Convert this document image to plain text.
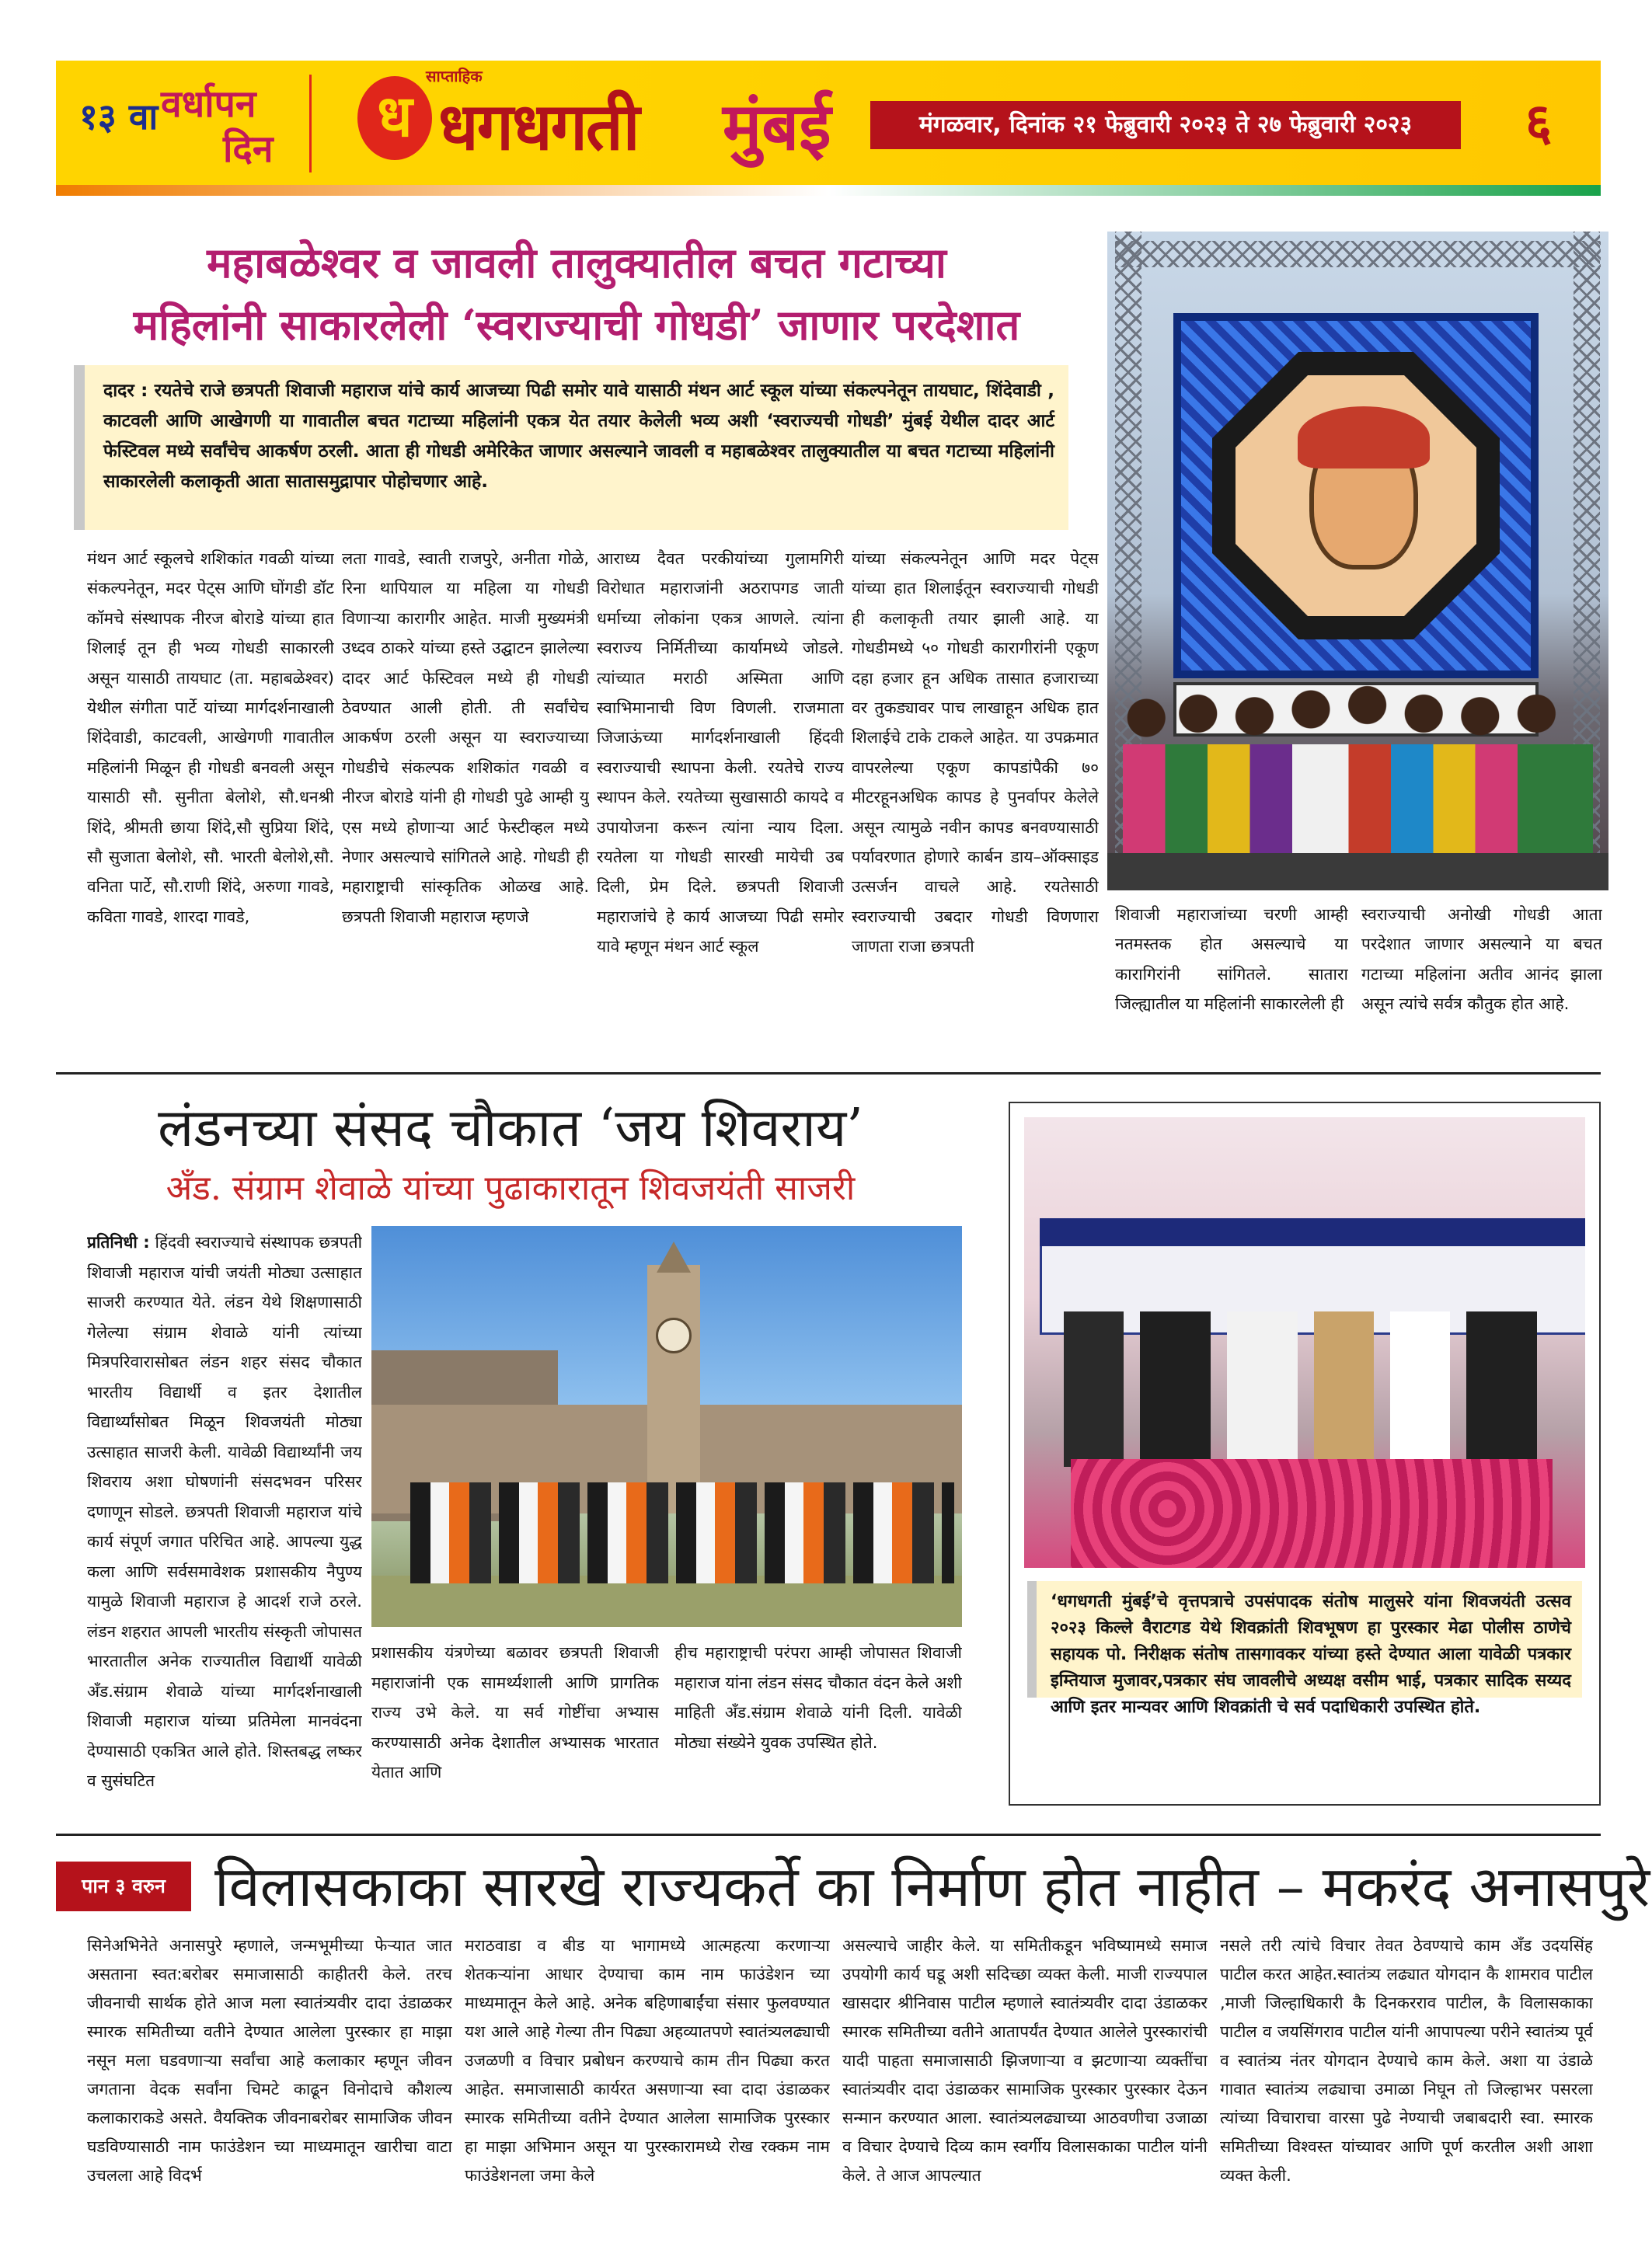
१३ वा वर्धापन
दिन
साप्ताहिक
ध धगधगती मुंबई	मंगळवार, दिनांक २१ फेब्रुवारी २०२३ ते २७ फेब्रुवारी २०२३	६
महाबळेश्वर व जावली तालुक्यातील बचत गटाच्या
महिलांनी साकारलेली ‘स्वराज्याची गोधडी’ जाणार परदेशात
दादर : रयतेचे राजे छत्रपती शिवाजी महाराज यांचे कार्य आजच्या पिढी समोर यावे यासाठी मंथन आर्ट स्कूल यांच्या संकल्पनेतून तायघाट, शिंदेवाडी , काटवली आणि आखेगणी या गावातील बचत गटाच्या महिलांनी एकत्र येत तयार केलेली भव्य अशी ‘स्वराज्यची गोधडी’ मुंबई येथील दादर आर्ट फेस्टिवल मध्ये सर्वांचेच आकर्षण ठरली. आता ही गोधडी अमेरिकेत जाणार असल्याने जावली व महाबळेश्वर तालुक्यातील या बचत गटाच्या महिलांनी साकारलेली कलाकृती आता सातासमुद्रापार पोहोचणार आहे.
मंथन आर्ट स्कूलचे शशिकांत गवळी यांच्या संकल्पनेतून, मदर पेट्स आणि घोंगडी डॉट कॉमचे संस्थापक नीरज बोराडे यांच्या हात शिलाई तून ही भव्य गोधडी साकारली असून यासाठी तायघाट (ता. महाबळेश्वर) येथील संगीता पार्टे यांच्या मार्गदर्शनाखाली शिंदेवाडी, काटवली, आखेगणी गावातील महिलांनी मिळून ही गोधडी बनवली असून यासाठी सौ. सुनीता बेलोशे, सौ.धनश्री शिंदे, श्रीमती छाया शिंदे,सौ सुप्रिया शिंदे, सौ सुजाता बेलोशे, सौ. भारती बेलोशे,सौ. वनिता पार्टे, सौ.राणी शिंदे, अरुणा गावडे, कविता गावडे, शारदा गावडे,
लता गावडे, स्वाती राजपुरे, अनीता गोळे, रिना थापियाल या महिला या गोधडी विणाऱ्या कारागीर आहेत. माजी मुख्यमंत्री उध्दव ठाकरे यांच्या हस्ते उद्घाटन झालेल्या दादर आर्ट फेस्टिवल मध्ये ही गोधडी ठेवण्यात आली होती. ती सर्वांचेच आकर्षण ठरली असून या स्वराज्याच्या गोधडीचे संकल्पक शशिकांत गवळी व नीरज बोराडे यांनी ही गोधडी पुढे आम्ही यु एस मध्ये होणाऱ्या आर्ट फेस्टीव्हल मध्ये नेणार असल्याचे सांगितले आहे. गोधडी ही महाराष्ट्राची सांस्कृतिक ओळख आहे. छत्रपती शिवाजी महाराज म्हणजे
आराध्य दैवत परकीयांच्या गुलामगिरी विरोधात महाराजांनी अठरापगड जाती धर्माच्या लोकांना एकत्र आणले. त्यांना स्वराज्य निर्मितीच्या कार्यामध्ये जोडले. त्यांच्यात मराठी अस्मिता आणि स्वाभिमानाची विण विणली. राजमाता जिजाऊंच्या मार्गदर्शनाखाली हिंदवी स्वराज्याची स्थापना केली. रयतेचे राज्य स्थापन केले. रयतेच्या सुखासाठी कायदे व उपायोजना करून त्यांना न्याय दिला. रयतेला या गोधडी सारखी मायेची उब दिली, प्रेम दिले. छत्रपती शिवाजी महाराजांचे हे कार्य आजच्या पिढी समोर यावे म्हणून मंथन आर्ट स्कूल
यांच्या संकल्पनेतून आणि मदर पेट्स यांच्या हात शिलाईतून स्वराज्याची गोधडी ही कलाकृती तयार झाली आहे. या गोधडीमध्ये ५० गोधडी कारागीरांनी एकूण दहा हजार हून अधिक तासात हजाराच्या वर तुकड्यावर पाच लाखाहून अधिक हात शिलाईचे टाके टाकले आहेत. या उपक्रमात वापरलेल्या एकूण कापडांपैकी ७० मीटरहूनअधिक कापड हे पुनर्वापर केलेले असून त्यामुळे नवीन कापड बनवण्यासाठी पर्यावरणात होणारे कार्बन डाय–ऑक्साइड उत्सर्जन वाचले आहे. रयतेसाठी स्वराज्याची उबदार गोधडी विणणारा जाणता राजा छत्रपती
शिवाजी महाराजांच्या चरणी आम्ही नतमस्तक होत असल्याचे या कारागिरांनी सांगितले. सातारा जिल्ह्यातील या महिलांनी साकारलेली ही
स्वराज्याची अनोखी गोधडी आता परदेशात जाणार असल्याने या बचत गटाच्या महिलांना अतीव आनंद झाला असून त्यांचे सर्वत्र कौतुक होत आहे.
लंडनच्या संसद चौकात ‘जय शिवराय’
अँड. संग्राम शेवाळे यांच्या पुढाकारातून शिवजयंती साजरी
प्रतिनिधी : हिंदवी स्वराज्याचे संस्थापक छत्रपती शिवाजी महाराज यांची जयंती मोठ्या उत्साहात साजरी करण्यात येते. लंडन येथे शिक्षणासाठी गेलेल्या संग्राम शेवाळे यांनी त्यांच्या मित्रपरिवारासोबत लंडन शहर संसद चौकात भारतीय विद्यार्थी व इतर देशातील विद्यार्थ्यांसोबत मिळून शिवजयंती मोठ्या उत्साहात साजरी केली. यावेळी विद्यार्थ्यांनी जय शिवराय अशा घोषणांनी संसदभवन परिसर दणाणून सोडले. छत्रपती शिवाजी महाराज यांचे कार्य संपूर्ण जगात परिचित आहे. आपल्या युद्ध कला आणि सर्वसमावेशक प्रशासकीय नैपुण्य यामुळे शिवाजी महाराज हे आदर्श राजे ठरले. लंडन शहरात आपली भारतीय संस्कृती जोपासत भारतातील अनेक राज्यातील विद्यार्थी यावेळी अँड.संग्राम शेवाळे यांच्या मार्गदर्शनाखाली शिवाजी महाराज यांच्या प्रतिमेला मानवंदना देण्यासाठी एकत्रित आले होते. शिस्तबद्ध लष्कर व सुसंघटित
प्रशासकीय यंत्रणेच्या बळावर छत्रपती शिवाजी महाराजांनी एक सामर्थ्यशाली आणि प्रागतिक राज्य उभे केले. या सर्व गोष्टींचा अभ्यास करण्यासाठी अनेक देशातील अभ्यासक भारतात येतात आणि
हीच महाराष्ट्राची परंपरा आम्ही जोपासत शिवाजी महाराज यांना लंडन संसद चौकात वंदन केले अशी माहिती अँड.संग्राम शेवाळे यांनी दिली. यावेळी मोठ्या संख्येने युवक उपस्थित होते.
‘धगधगती मुंबई’चे वृत्तपत्राचे उपसंपादक संतोष मालुसरे यांना शिवजयंती उत्सव २०२३ किल्ले वैराटगड येथे शिवक्रांती शिवभूषण हा पुरस्कार मेढा पोलीस ठाणेचे सहायक पो. निरीक्षक संतोष तासगावकर यांच्या हस्ते देण्यात आला यावेळी पत्रकार इम्तियाज मुजावर,पत्रकार संघ जावलीचे अध्यक्ष वसीम भाई, पत्रकार सादिक सय्यद आणि इतर मान्यवर आणि शिवक्रांती चे सर्व पदाधिकारी उपस्थित होते.
पान ३ वरुन विलासकाका सारखे राज्यकर्ते का निर्माण होत नाहीत – मकरंद अनासपुरे
सिनेअभिनेते अनासपुरे म्हणाले, जन्मभूमीच्या फेऱ्यात जात असताना स्वत:बरोबर समाजासाठी काहीतरी केले. तरच जीवनाची सार्थक होते आज मला स्वातंत्र्यवीर दादा उंडाळकर स्मारक समितीच्या वतीने देण्यात आलेला पुरस्कार हा माझा नसून मला घडवणाऱ्या सर्वांचा आहे कलाकार म्हणून जीवन जगताना वेदक सर्वांना चिमटे काढून विनोदाचे कौशल्य कलाकाराकडे असते. वैयक्तिक जीवनाबरोबर सामाजिक जीवन घडविण्यासाठी नाम फाउंडेशन च्या माध्यमातून खारीचा वाटा उचलला आहे विदर्भ
मराठवाडा व बीड या भागामध्ये आत्महत्या करणाऱ्या शेतकऱ्यांना आधार देण्याचा काम नाम फाउंडेशन च्या माध्यमातून केले आहे. अनेक बहिणाबाईंचा संसार फुलवण्यात यश आले आहे गेल्या तीन पिढ्या अहव्यातपणे स्वातंत्र्यलढ्याची उजळणी व विचार प्रबोधन करण्याचे काम तीन पिढ्या करत आहेत. समाजासाठी कार्यरत असणाऱ्या स्वा दादा उंडाळकर स्मारक समितीच्या वतीने देण्यात आलेला सामाजिक पुरस्कार हा माझा अभिमान असून या पुरस्कारामध्ये रोख रक्कम नाम फाउंडेशनला जमा केले
असल्याचे जाहीर केले. या समितीकडून भविष्यामध्ये समाज उपयोगी कार्य घडू अशी सदिच्छा व्यक्त केली. माजी राज्यपाल खासदार श्रीनिवास पाटील म्हणाले स्वातंत्र्यवीर दादा उंडाळकर स्मारक समितीच्या वतीने आतापर्यंत देण्यात आलेले पुरस्कारांची यादी पाहता समाजासाठी झिजणाऱ्या व झटणाऱ्या व्यक्तींचा स्वातंत्र्यवीर दादा उंडाळकर सामाजिक पुरस्कार पुरस्कार देऊन सन्मान करण्यात आला. स्वातंत्र्यलढ्याच्या आठवणीचा उजाळा व विचार देण्याचे दिव्य काम स्वर्गीय विलासकाका पाटील यांनी केले. ते आज आपल्यात
नसले तरी त्यांचे विचार तेवत ठेवण्याचे काम अँड उदयसिंह पाटील करत आहेत.स्वातंत्र्य लढ्यात योगदान कै शामराव पाटील ,माजी जिल्हाधिकारी कै दिनकरराव पाटील, कै विलासकाका पाटील व जयसिंगराव पाटील यांनी आपापल्या परीने स्वातंत्र्य पूर्व व स्वातंत्र्य नंतर योगदान देण्याचे काम केले. अशा या उंडाळे गावात स्वातंत्र्य लढ्याचा उमाळा निघून तो जिल्हाभर पसरला त्यांच्या विचाराचा वारसा पुढे नेण्याची जबाबदारी स्वा. स्मारक समितीच्या विश्वस्त यांच्यावर आणि पूर्ण करतील अशी आशा व्यक्त केली.
